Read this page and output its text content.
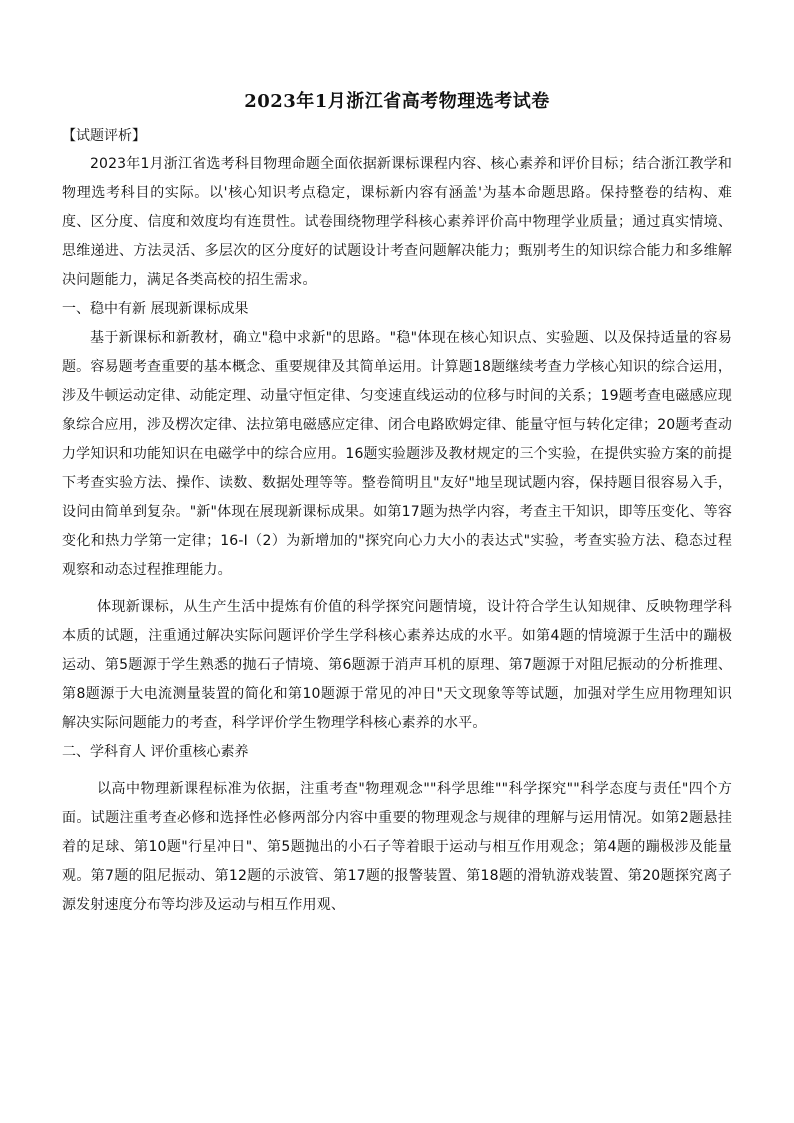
2023年1月浙江省高考物理选考试卷
【试题评析】

2023年1月浙江省选考科目物理命题全面依据新课标课程内容、核心素养和评价目标；结合浙江教学和物理选考科目的实际。以'核心知识考点稳定，课标新内容有涵盖'为基本命题思路。保持整卷的结构、难度、区分度、信度和效度均有连贯性。试卷围绕物理学科核心素养评价高中物理学业质量；通过真实情境、思维递进、方法灵活、多层次的区分度好的试题设计考查问题解决能力；甄别考生的知识综合能力和多维解决问题能力，满足各类高校的招生需求。

一、稳中有新 展现新课标成果

基于新课标和新教材，确立"稳中求新"的思路。"稳"体现在核心知识点、实验题、以及保持适量的容易题。容易题考查重要的基本概念、重要规律及其简单运用。计算题18题继续考查力学核心知识的综合运用，涉及牛顿运动定律、动能定理、动量守恒定律、匀变速直线运动的位移与时间的关系；19题考查电磁感应现象综合应用，涉及楞次定律、法拉第电磁感应定律、闭合电路欧姆定律、能量守恒与转化定律；20题考查动力学知识和功能知识在电磁学中的综合应用。16题实验题涉及教材规定的三个实验，在提供实验方案的前提下考查实验方法、操作、读数、数据处理等等。整卷简明且"友好"地呈现试题内容，保持题目很容易入手，设问由简单到复杂。"新"体现在展现新课标成果。如第17题为热学内容，考查主干知识，即等压变化、等容变化和热力学第一定律；16-I（2）为新增加的"探究向心力大小的表达式"实验，考查实验方法、稳态过程观察和动态过程推理能力。

体现新课标，从生产生活中提炼有价值的科学探究问题情境，设计符合学生认知规律、反映物理学科本质的试题，注重通过解决实际问题评价学生学科核心素养达成的水平。如第4题的情境源于生活中的蹦极运动、第5题源于学生熟悉的抛石子情境、第6题源于消声耳机的原理、第7题源于对阻尼振动的分析推理、第8题源于大电流测量装置的简化和第10题源于常见的冲日"天文现象等等试题，加强对学生应用物理知识解决实际问题能力的考查，科学评价学生物理学科核心素养的水平。

二、学科育人 评价重核心素养

以高中物理新课程标准为依据，注重考查"物理观念""科学思维""科学探究""科学态度与责任"四个方面。试题注重考查必修和选择性必修两部分内容中重要的物理观念与规律的理解与运用情况。如第2题悬挂着的足球、第10题"行星冲日"、第5题抛出的小石子等着眼于运动与相互作用观念；第4题的蹦极涉及能量观。第7题的阻尼振动、第12题的示波管、第17题的报警装置、第18题的滑轨游戏装置、第20题探究离子源发射速度分布等均涉及运动与相互作用观、
